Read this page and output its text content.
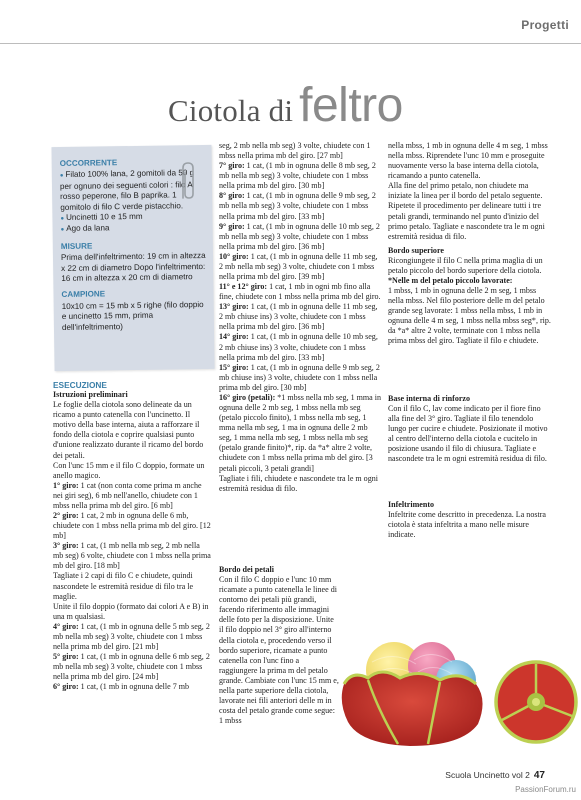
Progetti
Ciotola di feltro
OCCORRENTE

● Filato 100% lana, 2 gomitoli da 50 g per ognuno dei seguenti colori : filo A rosso peperone, filo B paprika. 1 gomitolo di filo C verde pistacchio.

● Uncinetti 10 e 15 mm

● Ago da lana

MISURE

Prima dell'infeltrimento: 19 cm in altezza x 22 cm di diametro Dopo l'infeltrimento: 16 cm in altezza x 20 cm di diametro

CAMPIONE

10x10 cm = 15 mb x 5 righe (filo doppio e uncinetto 15 mm, prima dell'infeltrimento)

ESECUZIONE

Istruzioni preliminari

Le foglie della ciotola sono delineate da un ricamo a punto catenella con l'uncinetto. Il motivo della base interna, aiuta a rafforzare il fondo della ciotola e coprire qualsiasi punto d'unione realizzato durante il ricamo del bordo dei petali.

Con l'unc 15 mm e il filo C doppio, formate un anello magico.

1° giro: 1 cat (non conta come prima m anche nei giri seg), 6 mb nell'anello, chiudete con 1 mbss nella prima mb del giro. [6 mb]

2° giro: 1 cat, 2 mb in ognuna delle 6 mb, chiudete con 1 mbss nella prima mb del giro. [12 mb]

3° giro: 1 cat, (1 mb nella mb seg, 2 mb nella mb seg) 6 volte, chiudete con 1 mbss nella prima mb del giro. [18 mb]

Tagliate i 2 capi di filo C e chiudete, quindi nascondete le estremità residue di filo tra le maglie.

Unite il filo doppio (formato dai colori A e B) in una m qualsiasi.

4° giro: 1 cat, (1 mb in ognuna delle 5 mb seg, 2 mb nella mb seg) 3 volte, chiudete con 1 mbss nella prima mb del giro. [21 mb]

5° giro: 1 cat, (1 mb in ognuna delle 6 mb seg, 2 mb nella mb seg) 3 volte, chiudete con 1 mbss nella prima mb del giro. [24 mb]

6° giro: 1 cat, (1 mb in ognuna delle 7 mb

seg, 2 mb nella mb seg) 3 volte, chiudete con 1 mbss nella prima mb del giro. [27 mb]

7° giro: 1 cat, (1 mb in ognuna delle 8 mb seg, 2 mb nella mb seg) 3 volte, chiudete con 1 mbss nella prima mb del giro. [30 mb]

8° giro: 1 cat, (1 mb in ognuna delle 9 mb seg, 2 mb nella mb seg) 3 volte, chiudete con 1 mbss nella prima mb del giro. [33 mb]

9° giro: 1 cat, (1 mb in ognuna delle 10 mb seg, 2 mb nella mb seg) 3 volte, chiudete con 1 mbss nella prima mb del giro. [36 mb]

10° giro: 1 cat, (1 mb in ognuna delle 11 mb seg, 2 mb nella mb seg) 3 volte, chiudete con 1 mbss nella prima mb del giro. [39 mb]

11° e 12° giro: 1 cat, 1 mb in ogni mb fino alla fine, chiudete con 1 mbss nella prima mb del giro.

13° giro: 1 cat, (1 mb in ognuna delle 11 mb seg, 2 mb chiuse ins) 3 volte, chiudete con 1 mbss nella prima mb del giro. [36 mb]

14° giro: 1 cat, (1 mb in ognuna delle 10 mb seg, 2 mb chiuse ins) 3 volte, chiudete con 1 mbss nella prima mb del giro. [33 mb]

15° giro: 1 cat, (1 mb in ognuna delle 9 mb seg, 2 mb chiuse ins) 3 volte, chiudete con 1 mbss nella prima mb del giro. [30 mb]

16° giro (petali): *1 mbss nella mb seg, 1 mma in ognuna delle 2 mb seg, 1 mbss nella mb seg (petalo piccolo finito), 1 mbss nella mb seg, 1 mma nella mb seg, 1 ma in ognuna delle 2 mb seg, 1 mma nella mb seg, 1 mbss nella mb seg (petalo grande finito)*, rip. da *a* altre 2 volte, chiudete con 1 mbss nella prima mb del giro. [3 petali piccoli, 3 petali grandi]

Tagliate i fili, chiudete e nascondete tra le m ogni estremità residua di filo.

Bordo dei petali

Con il filo C doppio e l'unc 10 mm ricamate a punto catenella le linee di contorno dei petali più grandi, facendo riferimento alle immagini delle foto per la disposizione. Unite il filo doppio nel 3° giro all'interno della ciotola e, procedendo verso il bordo superiore, ricamate a punto catenella con l'unc fino a raggiungere la prima m del petalo grande. Cambiate con l'unc 15 mm e, nella parte superiore della ciotola, lavorate nei fili anteriori delle m in costa del petalo grande come segue: 1 mbss

nella mbss, 1 mb in ognuna delle 4 m seg, 1 mbss nella mbss. Riprendete l'unc 10 mm e proseguite nuovamente verso la base interna della ciotola, ricamando a punto catenella.

Alla fine del primo petalo, non chiudete ma iniziate la linea per il bordo del petalo seguente. Ripetete il procedimento per delineare tutti i tre petali grandi, terminando nel punto d'inizio del primo petalo. Tagliate e nascondete tra le m ogni estremità residua di filo.

Bordo superiore

Ricongiungete il filo C nella prima maglia di un petalo piccolo del bordo superiore della ciotola.

*Nelle m del petalo piccolo lavorate:

1 mbss, 1 mb in ognuna delle 2 m seg, 1 mbss nella mbss. Nel filo posteriore delle m del petalo grande seg lavorate: 1 mbss nella mbss, 1 mb in ognuna delle 4 m seg, 1 mbss nella mbss seg*, rip. da *a* altre 2 volte, terminate con 1 mbss nella prima mbss del giro. Tagliate il filo e chiudete.

Base interna di rinforzo

Con il filo C, lav come indicato per il fiore fino alla fine del 3° giro. Tagliate il filo tenendolo lungo per cucire e chiudete. Posizionate il motivo al centro dell'interno della ciotola e cucitelo in posizione usando il filo di chiusura. Tagliate e nascondete tra le m ogni estremità residua di filo.

Infeltrimento

Infeltrite come descritto in precedenza. La nostra ciotola è stata infeltrita a mano nelle misure indicate.

Scuola Uncinetto vol 2 47
PassionForum.ru
